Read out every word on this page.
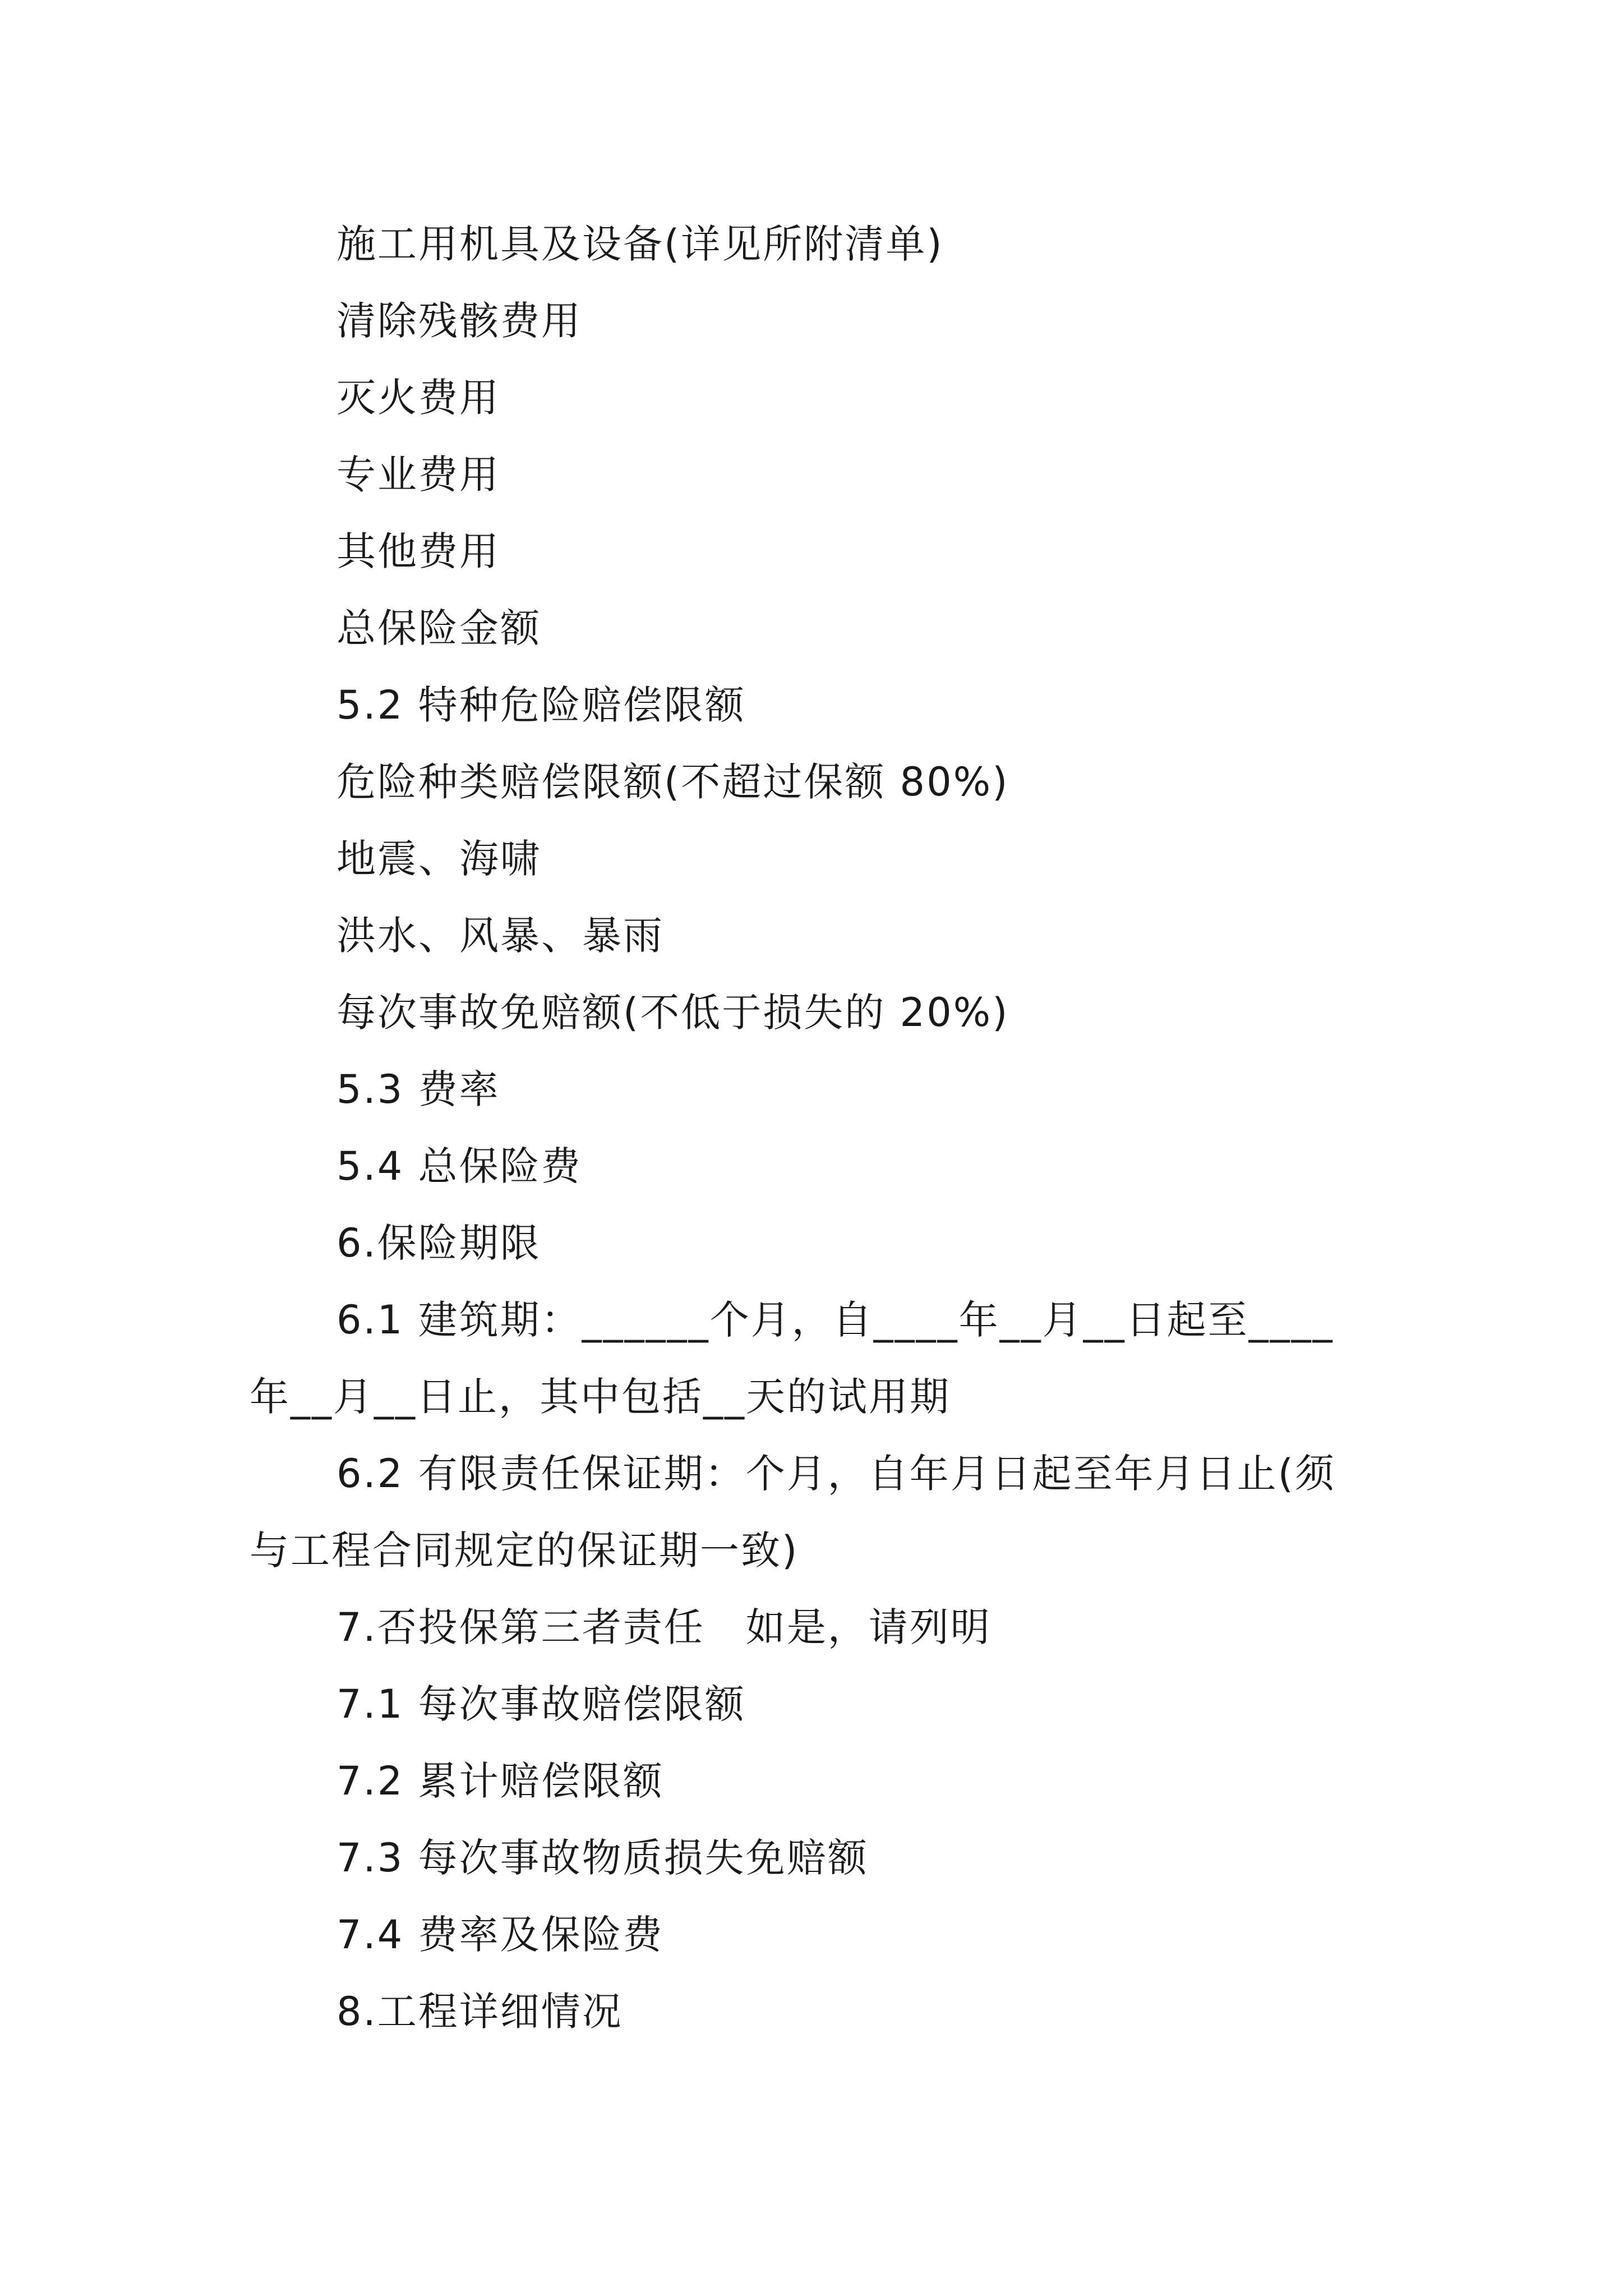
施工用机具及设备(详见所附清单)
清除残骸费用
灭火费用
专业费用
其他费用
总保险金额
5.2 特种危险赔偿限额
危险种类赔偿限额(不超过保额 80%)
地震、海啸
洪水、风暴、暴雨
每次事故免赔额(不低于损失的 20%)
5.3 费率
5.4 总保险费
6.保险期限
6.1 建筑期：______个月，自____年__月__日起至____
年__月__日止，其中包括__天的试用期
6.2 有限责任保证期：个月，自年月日起至年月日止(须
与工程合同规定的保证期一致)
7.否投保第三者责任　如是，请列明
7.1 每次事故赔偿限额
7.2 累计赔偿限额
7.3 每次事故物质损失免赔额
7.4 费率及保险费
8.工程详细情况
